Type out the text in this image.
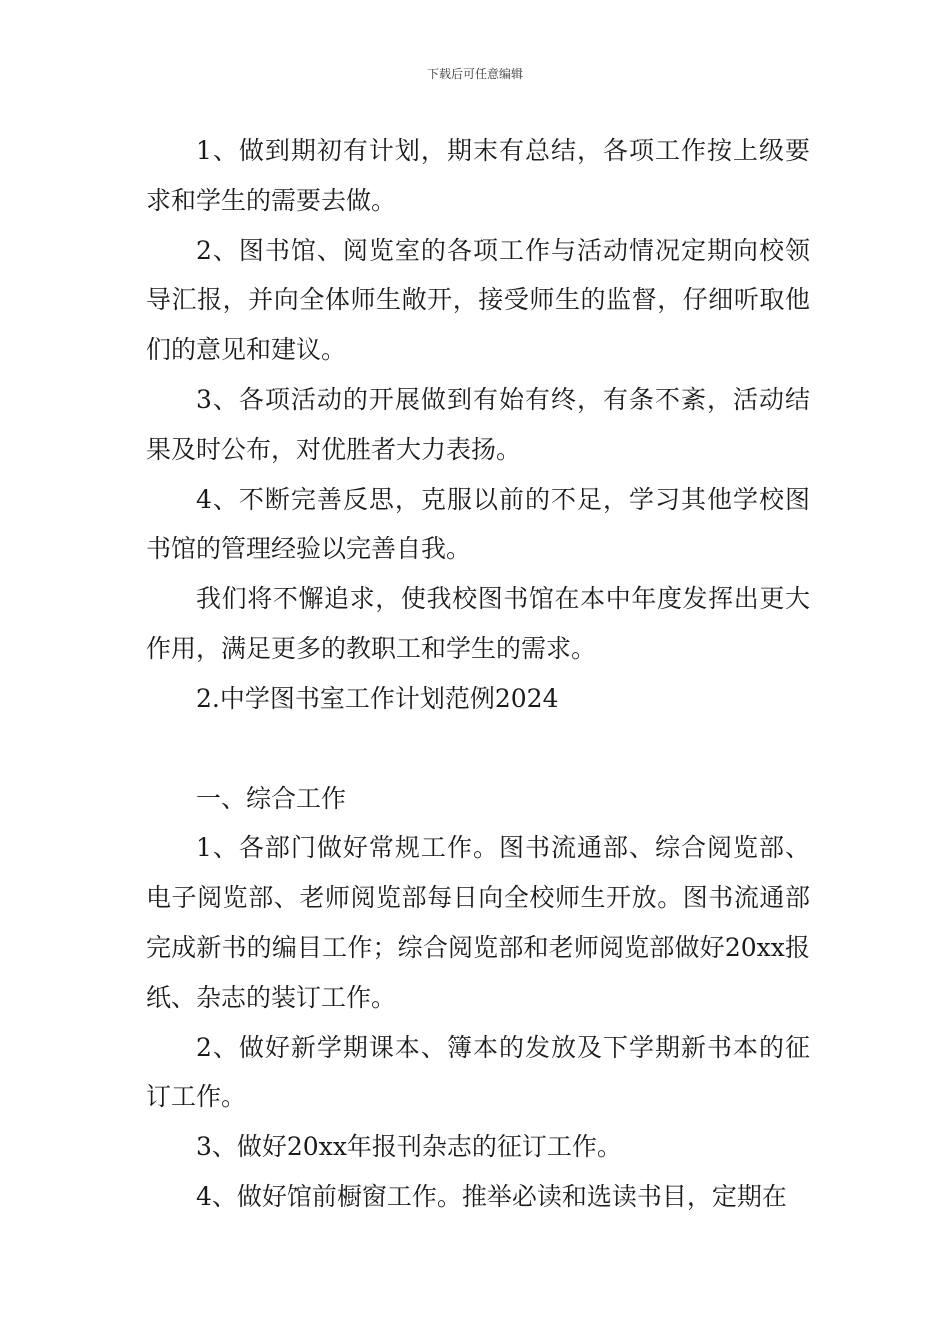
下载后可任意编辑

1、做到期初有计划，期末有总结，各项工作按上级要求和学生的需要去做。

2、图书馆、阅览室的各项工作与活动情况定期向校领导汇报，并向全体师生敞开，接受师生的监督，仔细听取他们的意见和建议。

3、各项活动的开展做到有始有终，有条不紊，活动结果及时公布，对优胜者大力表扬。

4、不断完善反思，克服以前的不足，学习其他学校图书馆的管理经验以完善自我。

我们将不懈追求，使我校图书馆在本中年度发挥出更大作用，满足更多的教职工和学生的需求。

2.中学图书室工作计划范例2024

一、综合工作

1、各部门做好常规工作。图书流通部、综合阅览部、电子阅览部、老师阅览部每日向全校师生开放。图书流通部完成新书的编目工作；综合阅览部和老师阅览部做好20xx报纸、杂志的装订工作。

2、做好新学期课本、簿本的发放及下学期新书本的征订工作。

3、做好20xx年报刊杂志的征订工作。

4、做好馆前橱窗工作。推举必读和选读书目，定期在
